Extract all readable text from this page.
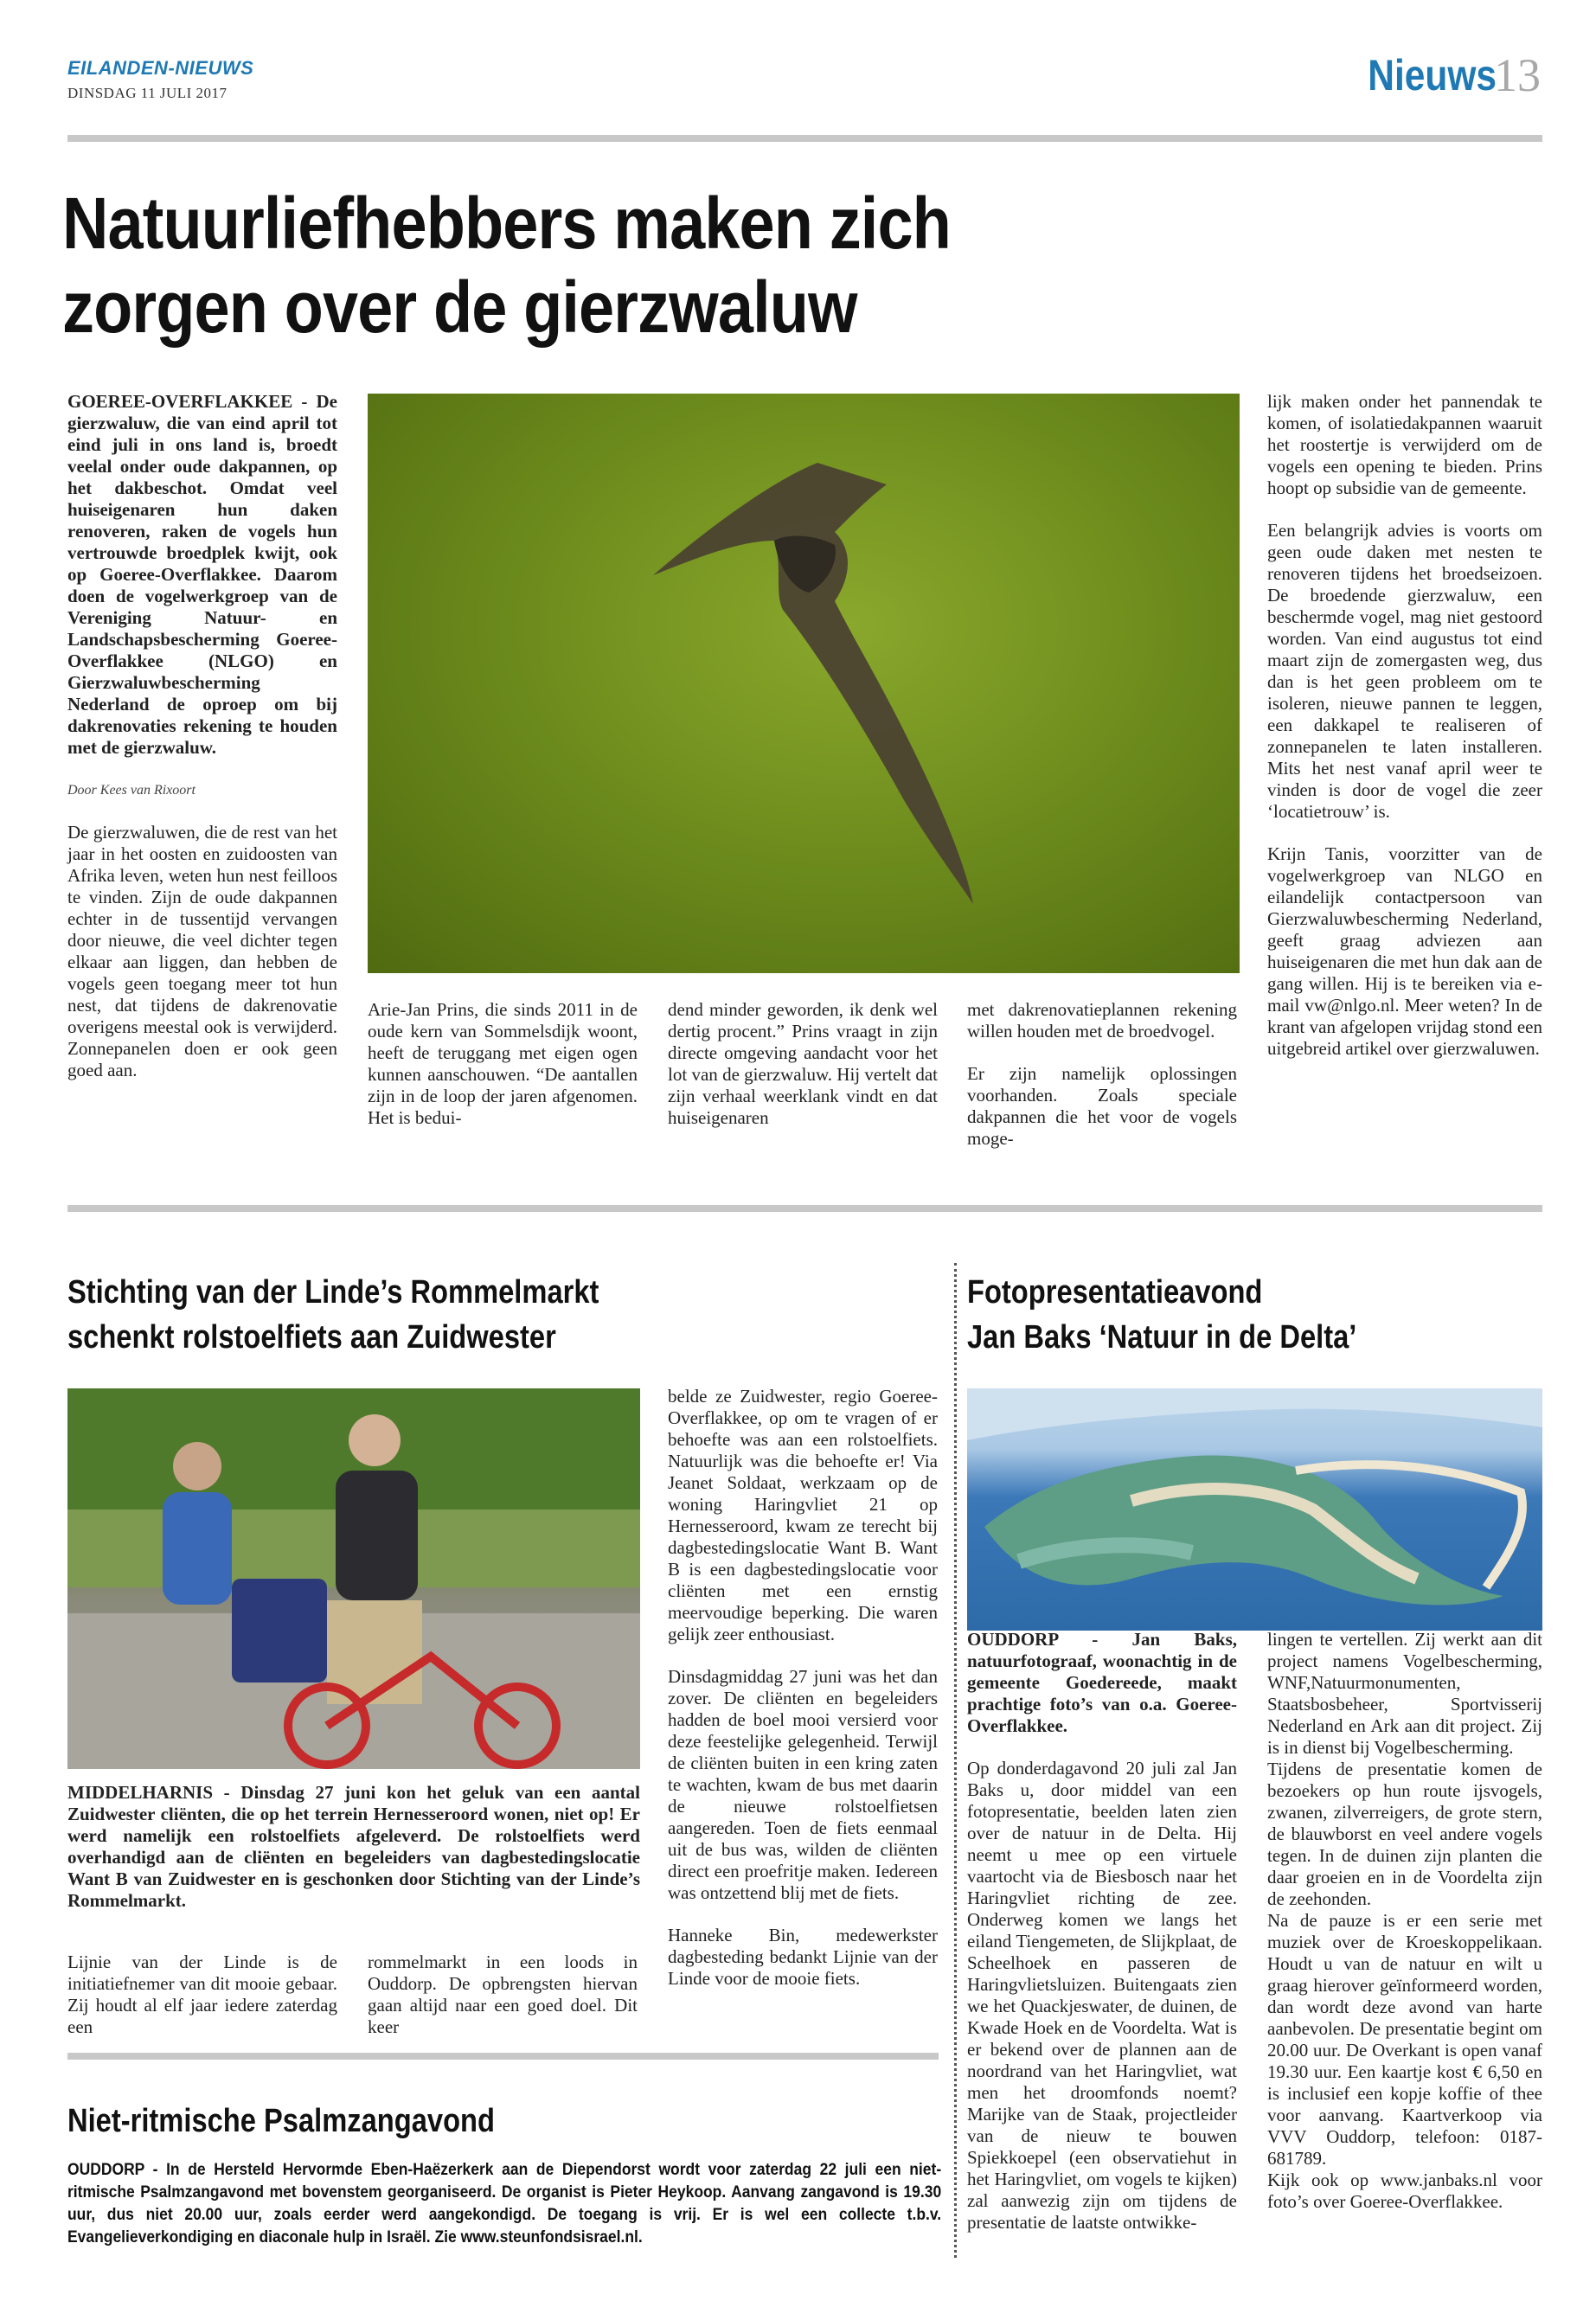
EILANDEN-NIEUWS
DINSDAG 11 JULI 2017	Nieuws
13
Natuurliefhebbers maken zich
zorgen over de gierzwaluw

GOEREE-OVERFLAKKEE - De gierzwaluw, die van eind april tot eind juli in ons land is, broedt veelal onder oude dakpannen, op het dakbeschot. Omdat veel huiseigenaren hun daken renoveren, raken de vogels hun vertrouwde broedplek kwijt, ook op Goeree-Overflakkee. Daarom doen de vogelwerkgroep van de Vereniging Natuur- en Landschapsbescherming Goeree-Overflakkee (NLGO) en Gierzwaluwbescherming Nederland de oproep om bij dakrenovaties rekening te houden met de gierzwaluw.

Door Kees van Rixoort

De gierzwaluwen, die de rest van het jaar in het oosten en zuidoosten van Afrika leven, weten hun nest feilloos te vinden. Zijn de oude dakpannen echter in de tussentijd vervangen door nieuwe, die veel dichter tegen elkaar aan liggen, dan hebben de vogels geen toegang meer tot hun nest, dat tijdens de dakrenovatie overigens meestal ook is verwijderd. Zonnepanelen doen er ook geen goed aan.

Arie-Jan Prins, die sinds 2011 in de oude kern van Sommelsdijk woont, heeft de teruggang met eigen ogen kunnen aanschouwen. “De aantallen zijn in de loop der jaren afgenomen. Het is bedui-

dend minder geworden, ik denk wel dertig procent.” Prins vraagt in zijn directe omgeving aandacht voor het lot van de gierzwaluw. Hij vertelt dat zijn verhaal weerklank vindt en dat huiseigenaren

met dakrenovatieplannen rekening willen houden met de broedvogel.

Er zijn namelijk oplossingen voorhanden. Zoals speciale dakpannen die het voor de vogels moge-

lijk maken onder het pannendak te komen, of isolatiedakpannen waaruit het roostertje is verwijderd om de vogels een opening te bieden. Prins hoopt op subsidie van de gemeente.

Een belangrijk advies is voorts om geen oude daken met nesten te renoveren tijdens het broedseizoen. De broedende gierzwaluw, een beschermde vogel, mag niet gestoord worden. Van eind augustus tot eind maart zijn de zomergasten weg, dus dan is het geen probleem om te isoleren, nieuwe pannen te leggen, een dakkapel te realiseren of zonnepanelen te laten installeren. Mits het nest vanaf april weer te vinden is door de vogel die zeer ‘locatietrouw’ is.

Krijn Tanis, voorzitter van de vogelwerkgroep van NLGO en eilandelijk contactpersoon van Gierzwaluwbescherming Nederland, geeft graag adviezen aan huiseigenaren die met hun dak aan de gang willen. Hij is te bereiken via e-mail vw@nlgo.nl. Meer weten? In de krant van afgelopen vrijdag stond een uitgebreid artikel over gierzwaluwen.

Stichting van der Linde’s Rommelmarkt
schenkt rolstoelfiets aan Zuidwester

MIDDELHARNIS - Dinsdag 27 juni kon het geluk van een aantal Zuidwester cliënten, die op het terrein Hernesseroord wonen, niet op! Er werd namelijk een rolstoelfiets afgeleverd. De rolstoelfiets werd overhandigd aan de cliënten en begeleiders van dagbestedingslocatie Want B van Zuidwester en is geschonken door Stichting van der Linde’s Rommelmarkt.

Lijnie van der Linde is de initiatiefnemer van dit mooie gebaar. Zij houdt al elf jaar iedere zaterdag een

rommelmarkt in een loods in Ouddorp. De opbrengsten hiervan gaan altijd naar een goed doel. Dit keer

belde ze Zuidwester, regio Goeree-Overflakkee, op om te vragen of er behoefte was aan een rolstoelfiets. Natuurlijk was die behoefte er! Via Jeanet Soldaat, werkzaam op de woning Haringvliet 21 op Hernesseroord, kwam ze terecht bij dagbestedingslocatie Want B. Want B is een dagbestedingslocatie voor cliënten met een ernstig meervoudige beperking. Die waren gelijk zeer enthousiast.

Dinsdagmiddag 27 juni was het dan zover. De cliënten en begeleiders hadden de boel mooi versierd voor deze feestelijke gelegenheid. Terwijl de cliënten buiten in een kring zaten te wachten, kwam de bus met daarin de nieuwe rolstoelfietsen aangereden. Toen de fiets eenmaal uit de bus was, wilden de cliënten direct een proefritje maken. Iedereen was ontzettend blij met de fiets.

Hanneke Bin, medewerkster dagbesteding bedankt Lijnie van der Linde voor de mooie fiets.

Niet-ritmische Psalmzangavond
OUDDORP - In de Hersteld Hervormde Eben-Haëzerkerk aan de Diependorst wordt voor zaterdag 22 juli een niet-ritmische Psalmzangavond met bovenstem georganiseerd. De organist is Pieter Heykoop. Aanvang zangavond is 19.30 uur, dus niet 20.00 uur, zoals eerder werd aangekondigd. De toegang is vrij. Er is wel een collecte t.b.v. Evangelieverkondiging en diaconale hulp in Israël. Zie www.steunfondsisrael.nl.
Fotopresentatieavond
Jan Baks ‘Natuur in de Delta’

OUDDORP - Jan Baks, natuurfotograaf, woonachtig in de gemeente Goedereede, maakt prachtige foto’s van o.a. Goeree-Overflakkee.

Op donderdagavond 20 juli zal Jan Baks u, door middel van een fotopresentatie, beelden laten zien over de natuur in de Delta. Hij neemt u mee op een virtuele vaartocht via de Biesbosch naar het Haringvliet richting de zee. Onderweg komen we langs het eiland Tiengemeten, de Slijkplaat, de Scheelhoek en passeren de Haringvlietsluizen. Buitengaats zien we het Quackjeswater, de duinen, de Kwade Hoek en de Voordelta. Wat is er bekend over de plannen aan de noordrand van het Haringvliet, wat men het droomfonds noemt? Marijke van de Staak, projectleider van de nieuw te bouwen Spiekkoepel (een observatiehut in het Haringvliet, om vogels te kijken) zal aanwezig zijn om tijdens de presentatie de laatste ontwikke-

lingen te vertellen. Zij werkt aan dit project namens Vogelbescherming, WNF,Natuurmonumenten, Staatsbosbeheer, Sportvisserij Nederland en Ark aan dit project. Zij is in dienst bij Vogelbescherming.

Tijdens de presentatie komen de bezoekers op hun route ijsvogels, zwanen, zilverreigers, de grote stern, de blauwborst en veel andere vogels tegen. In de duinen zijn planten die daar groeien en in de Voordelta zijn de zeehonden.

Na de pauze is er een serie met muziek over de Kroeskoppelikaan. Houdt u van de natuur en wilt u graag hierover geïnformeerd worden, dan wordt deze avond van harte aanbevolen. De presentatie begint om 20.00 uur. De Overkant is open vanaf 19.30 uur. Een kaartje kost € 6,50 en is inclusief een kopje koffie of thee voor aanvang. Kaartverkoop via VVV Ouddorp, telefoon: 0187-681789.

Kijk ook op www.janbaks.nl voor foto’s over Goeree-Overflakkee.
